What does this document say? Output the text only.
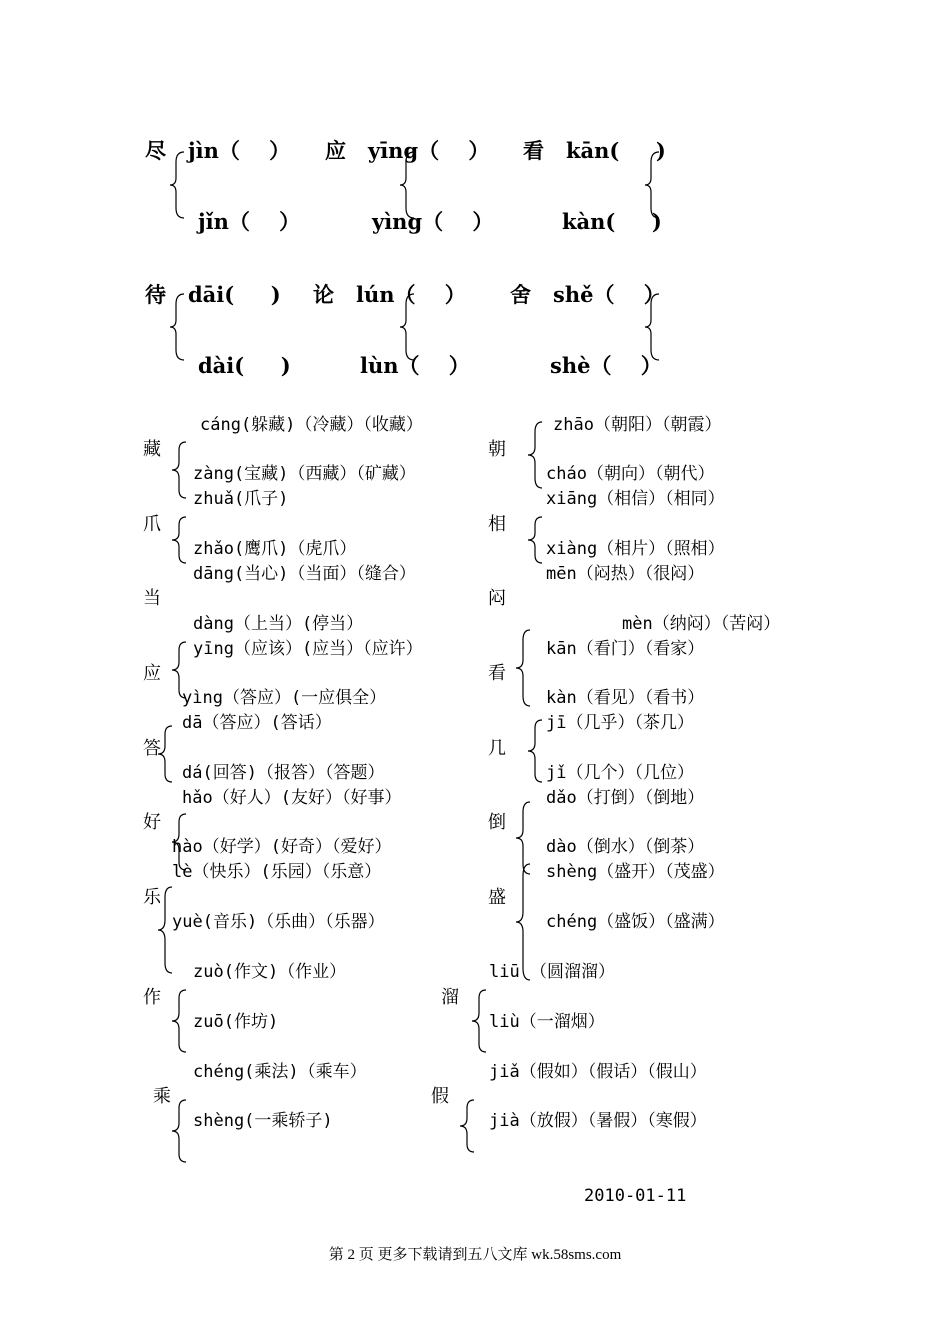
尽 jìn（    ）
jǐn（    ）
应 yīng（    ）
yìng（    ）
看 kān(     )
kàn(     )
待 dāi(     )
dài(     )
论 lún（    ）
lùn（    ）
舍 shě（    ）
shè（    ）
cáng(躲藏)（冷藏）（收藏）
藏
zàng(宝藏)（西藏）（矿藏）
zhuǎ(爪子)
爪
zhǎo(鹰爪)（虎爪）
dāng(当心)（当面）（缝合）
当
dàng（上当）(停当）
yīng（应该）(应当）（应许）
应
yìng（答应）(一应俱全）
dā（答应）(答话）
答
dá(回答)（报答）（答题）
hǎo（好人）(友好）（好事）
好
hào（好学）(好奇）（爱好）
lè（快乐）(乐园）（乐意）
乐
yuè(音乐)（乐曲）（乐器）
zuò(作文)（作业）
作
zuō(作坊)
chéng(乘法)（乘车）
乘
shèng(一乘轿子)
zhāo（朝阳）（朝霞）
朝
cháo（朝向）（朝代）
xiāng（相信）（相同）
相
xiàng（相片）（照相）
mēn（闷热）（很闷）
闷
mèn（纳闷）（苦闷）
kān（看门）（看家）
看
kàn（看见）（看书）
jī（几乎）（茶几）
几
jǐ（几个）（几位）
dǎo（打倒）（倒地）
倒
dào（倒水）（倒茶）
shèng（盛开）（茂盛）
盛
chéng（盛饭）（盛满）
liū （圆溜溜）
溜
liù（一溜烟）
jiǎ（假如）（假话）（假山）
假
jià（放假）（暑假）（寒假）
2010-01-11
第 2 页 更多下载请到五八文库 wk.58sms.com
